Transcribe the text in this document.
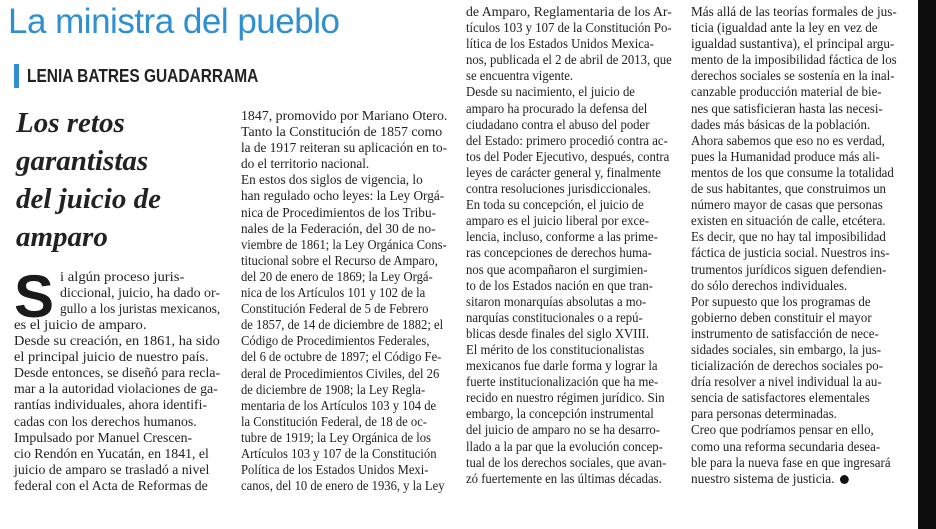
La ministra del pueblo
LENIA BATRES GUADARRAMA
Los retos
garantistas
del juicio de
amparo
S i algún proceso juris-
diccional, juicio, ha dado or-
gullo a los juristas mexicanos,
es el juicio de amparo.
Desde su creación, en 1861, ha sido
el principal juicio de nuestro país.
Desde entonces, se diseñó para recla-
mar a la autoridad violaciones de ga-
rantías individuales, ahora identifi-
cadas con los derechos humanos.
Impulsado por Manuel Crescen-
cio Rendón en Yucatán, en 1841, el
juicio de amparo se trasladó a nivel
federal con el Acta de Reformas de
1847, promovido por Mariano Otero.
Tanto la Constitución de 1857 como
la de 1917 reiteran su aplicación en to-
do el territorio nacional.
En estos dos siglos de vigencia, lo
han regulado ocho leyes: la Ley Orgá-
nica de Procedimientos de los Tribu-
nales de la Federación, del 30 de no-
viembre de 1861; la Ley Orgánica Cons-
titucional sobre el Recurso de Amparo,
del 20 de enero de 1869; la Ley Orgá-
nica de los Artículos 101 y 102 de la
Constitución Federal de 5 de Febrero
de 1857, de 14 de diciembre de 1882; el
Código de Procedimientos Federales,
del 6 de octubre de 1897; el Código Fe-
deral de Procedimientos Civiles, del 26
de diciembre de 1908; la Ley Regla-
mentaria de los Artículos 103 y 104 de
la Constitución Federal, de 18 de oc-
tubre de 1919; la Ley Orgánica de los
Artículos 103 y 107 de la Constitución
Política de los Estados Unidos Mexi-
canos, del 10 de enero de 1936, y la Ley
de Amparo, Reglamentaria de los Ar-
tículos 103 y 107 de la Constitución Po-
lítica de los Estados Unidos Mexica-
nos, publicada el 2 de abril de 2013, que
se encuentra vigente.
Desde su nacimiento, el juicio de
amparo ha procurado la defensa del
ciudadano contra el abuso del poder
del Estado: primero procedió contra ac-
tos del Poder Ejecutivo, después, contra
leyes de carácter general y, finalmente
contra resoluciones jurisdiccionales.
En toda su concepción, el juicio de
amparo es el juicio liberal por exce-
lencia, incluso, conforme a las prime-
ras concepciones de derechos huma-
nos que acompañaron el surgimien-
to de los Estados nación en que tran-
sitaron monarquías absolutas a mo-
narquías constitucionales o a repú-
blicas desde finales del siglo XVIII.
El mérito de los constitucionalistas
mexicanos fue darle forma y lograr la
fuerte institucionalización que ha me-
recido en nuestro régimen jurídico. Sin
embargo, la concepción instrumental
del juicio de amparo no se ha desarro-
llado a la par que la evolución concep-
tual de los derechos sociales, que avan-
zó fuertemente en las últimas décadas.
Más allá de las teorías formales de jus-
ticia (igualdad ante la ley en vez de
igualdad sustantiva), el principal argu-
mento de la imposibilidad fáctica de los
derechos sociales se sostenía en la inal-
canzable producción material de bie-
nes que satisficieran hasta las necesi-
dades más básicas de la población.
Ahora sabemos que eso no es verdad,
pues la Humanidad produce más ali-
mentos de los que consume la totalidad
de sus habitantes, que construimos un
número mayor de casas que personas
existen en situación de calle, etcétera.
Es decir, que no hay tal imposibilidad
fáctica de justicia social. Nuestros ins-
trumentos jurídicos siguen defendien-
do sólo derechos individuales.
Por supuesto que los programas de
gobierno deben constituir el mayor
instrumento de satisfacción de nece-
sidades sociales, sin embargo, la jus-
ticialización de derechos sociales po-
dría resolver a nivel individual la au-
sencia de satisfactores elementales
para personas determinadas.
Creo que podríamos pensar en ello,
como una reforma secundaria desea-
ble para la nueva fase en que ingresará
nuestro sistema de justicia.
